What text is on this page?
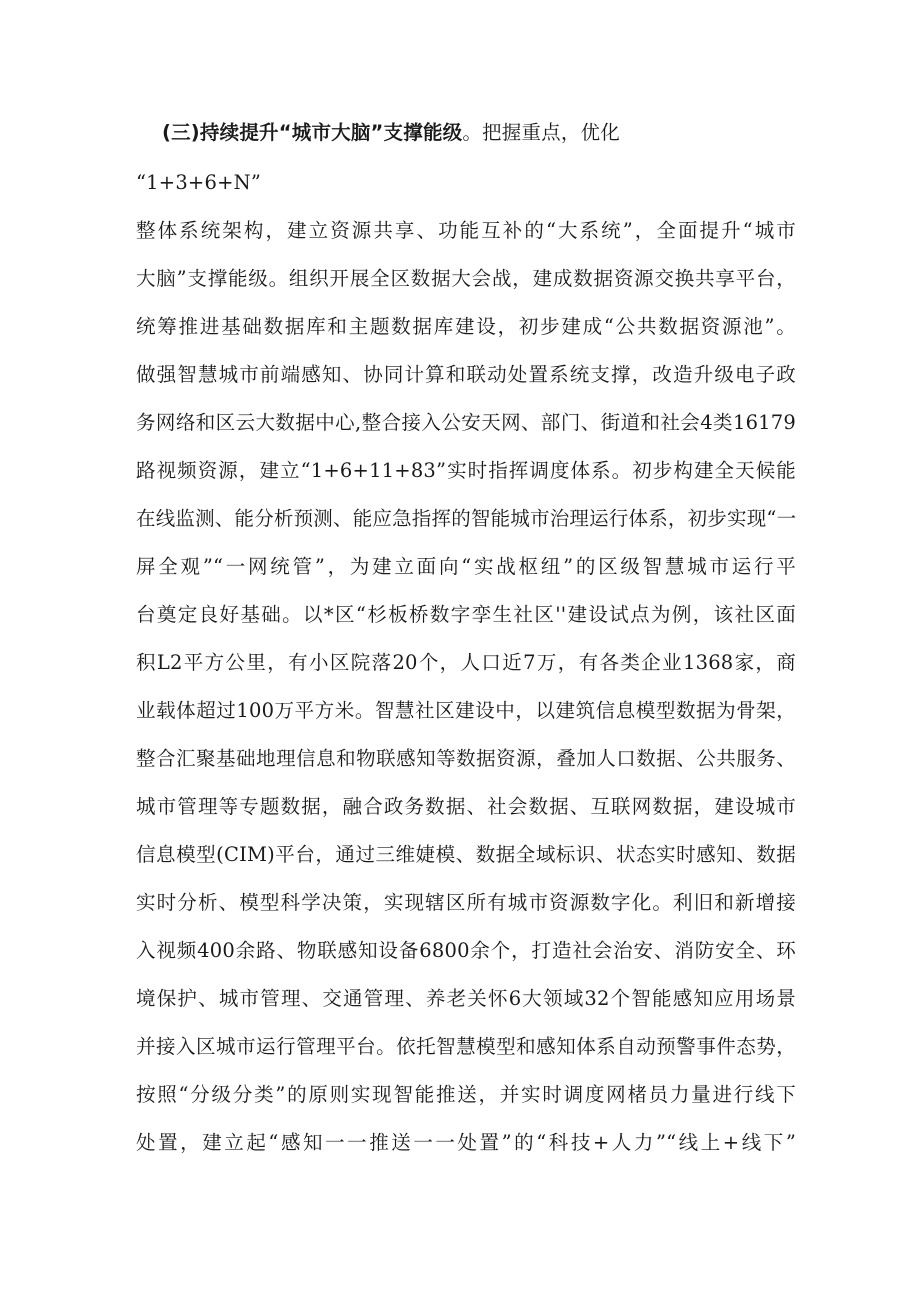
(三)持续提升“城市大脑”支撑能级。把握重点，优化
“1+3+6+N”
整体系统架构，建立资源共享、功能互补的“大系统”，全面提升“城市
大脑”支撑能级。组织开展全区数据大会战，建成数据资源交换共享平台，
统筹推进基础数据库和主题数据库建设，初步建成“公共数据资源池”。
做强智慧城市前端感知、协同计算和联动处置系统支撑，改造升级电子政
务网络和区云大数据中心,整合接入公安天网、部门、街道和社会4类16179
路视频资源，建立“1+6+11+83”实时指挥调度体系。初步构建全天候能
在线监测、能分析预测、能应急指挥的智能城市治理运行体系，初步实现“一
屏全观”“一网统管”，为建立面向“实战枢纽”的区级智慧城市运行平
台奠定良好基础。以*区“杉板桥数字孪生社区''建设试点为例，该社区面
积L2平方公里，有小区院落20个，人口近7万，有各类企业1368家，商
业载体超过100万平方米。智慧社区建设中，以建筑信息模型数据为骨架，
整合汇聚基础地理信息和物联感知等数据资源，叠加人口数据、公共服务、
城市管理等专题数据，融合政务数据、社会数据、互联网数据，建设城市
信息模型(CIM)平台，通过三维婕模、数据全域标识、状态实时感知、数据
实时分析、模型科学决策，实现辖区所有城市资源数字化。利旧和新增接
入视频400余路、物联感知设备6800余个，打造社会治安、消防安全、环
境保护、城市管理、交通管理、养老关怀6大领域32个智能感知应用场景
并接入区城市运行管理平台。依托智慧模型和感知体系自动预警事件态势，
按照“分级分类”的原则实现智能推送，并实时调度网楮员力量进行线下
处置，建立起“感知一一推送一一处置”的“科技+人力”“线上+线下”
